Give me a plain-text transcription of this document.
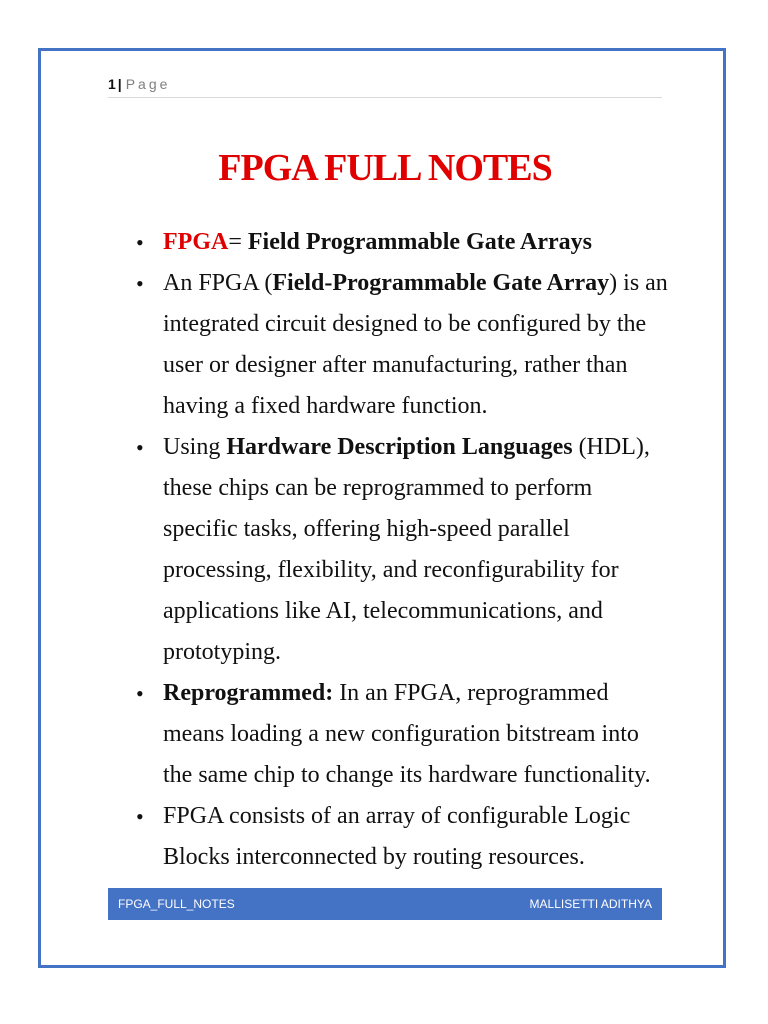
1 | Page
FPGA FULL NOTES
• FPGA= Field Programmable Gate Arrays
• An FPGA (Field-Programmable Gate Array) is an integrated circuit designed to be configured by the user or designer after manufacturing, rather than having a fixed hardware function.
• Using Hardware Description Languages (HDL), these chips can be reprogrammed to perform specific tasks, offering high-speed parallel processing, flexibility, and reconfigurability for applications like AI, telecommunications, and prototyping.
• Reprogrammed: In an FPGA, reprogrammed means loading a new configuration bitstream into the same chip to change its hardware functionality.
• FPGA consists of an array of configurable Logic Blocks interconnected by routing resources.
FPGA_FULL_NOTES	MALLISETTI ADITHYA
